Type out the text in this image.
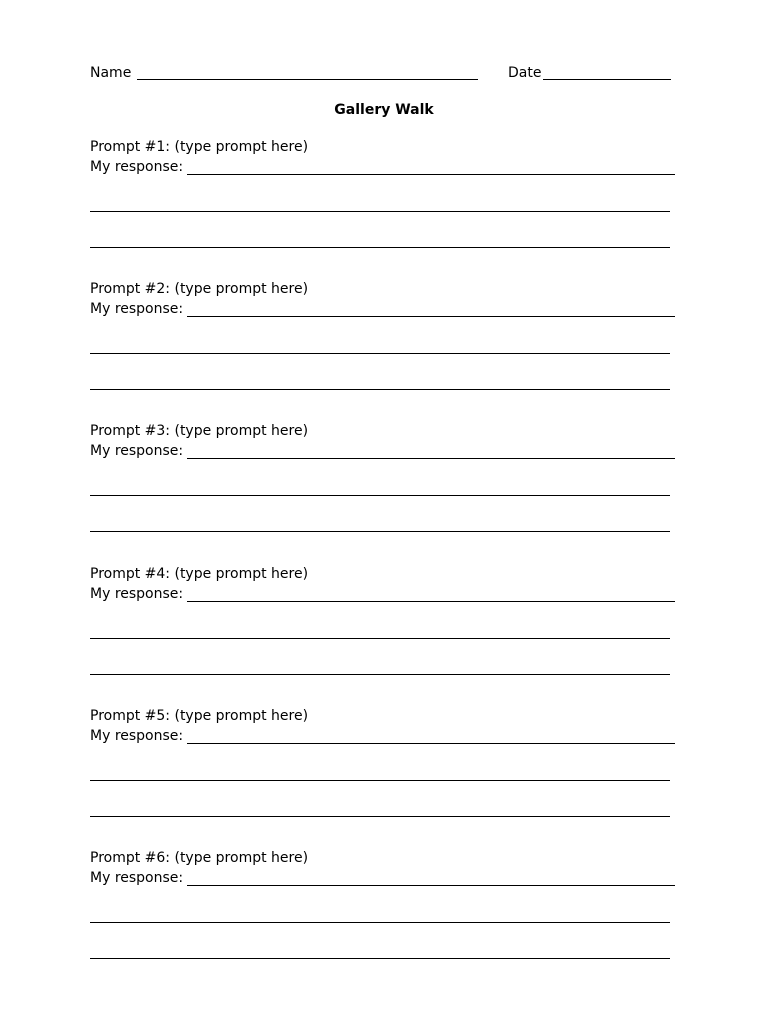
Name	Date
Gallery Walk
Prompt #1: (type prompt here)
My response:
Prompt #2: (type prompt here)
My response:
Prompt #3: (type prompt here)
My response:
Prompt #4: (type prompt here)
My response:
Prompt #5: (type prompt here)
My response:
Prompt #6: (type prompt here)
My response:
